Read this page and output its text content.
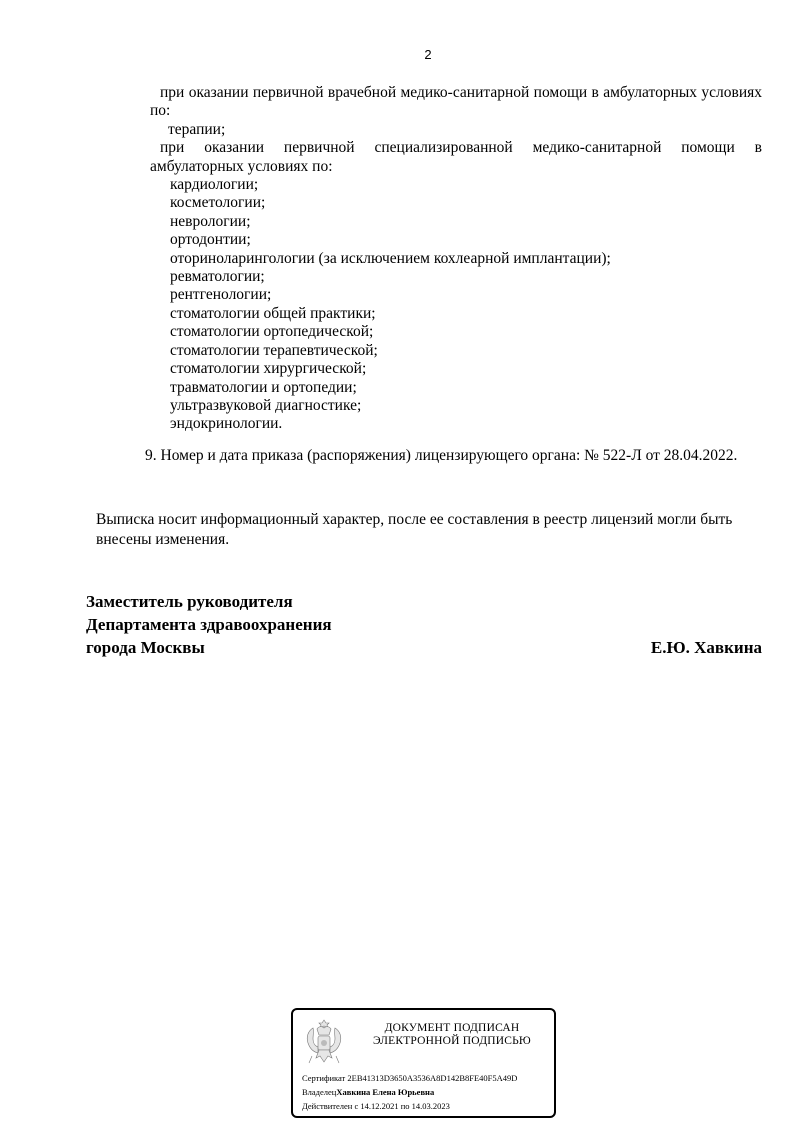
2
при оказании первичной врачебной медико-санитарной помощи в амбулаторных условиях по:
терапии;
при оказании первичной специализированной медико-санитарной помощи в амбулаторных условиях по:
кардиологии;
косметологии;
неврологии;
ортодонтии;
оториноларингологии (за исключением кохлеарной имплантации);
ревматологии;
рентгенологии;
стоматологии общей практики;
стоматологии ортопедической;
стоматологии терапевтической;
стоматологии хирургической;
травматологии и ортопедии;
ультразвуковой диагностике;
эндокринологии.
9. Номер и дата приказа (распоряжения) лицензирующего органа: № 522-Л от 28.04.2022.
Выписка носит информационный характер, после ее составления в реестр лицензий могли быть внесены изменения.
Заместитель руководителя
Департамента здравоохранения
города Москвы	Е.Ю. Хавкина
ДОКУМЕНТ ПОДПИСАН
ЭЛЕКТРОННОЙ ПОДПИСЬЮ
Сертификат 2EB41313D3650A3536A8D142B8FE40F5A49D
ВладелецХавкина Елена Юрьевна
Действителен с 14.12.2021 по 14.03.2023
